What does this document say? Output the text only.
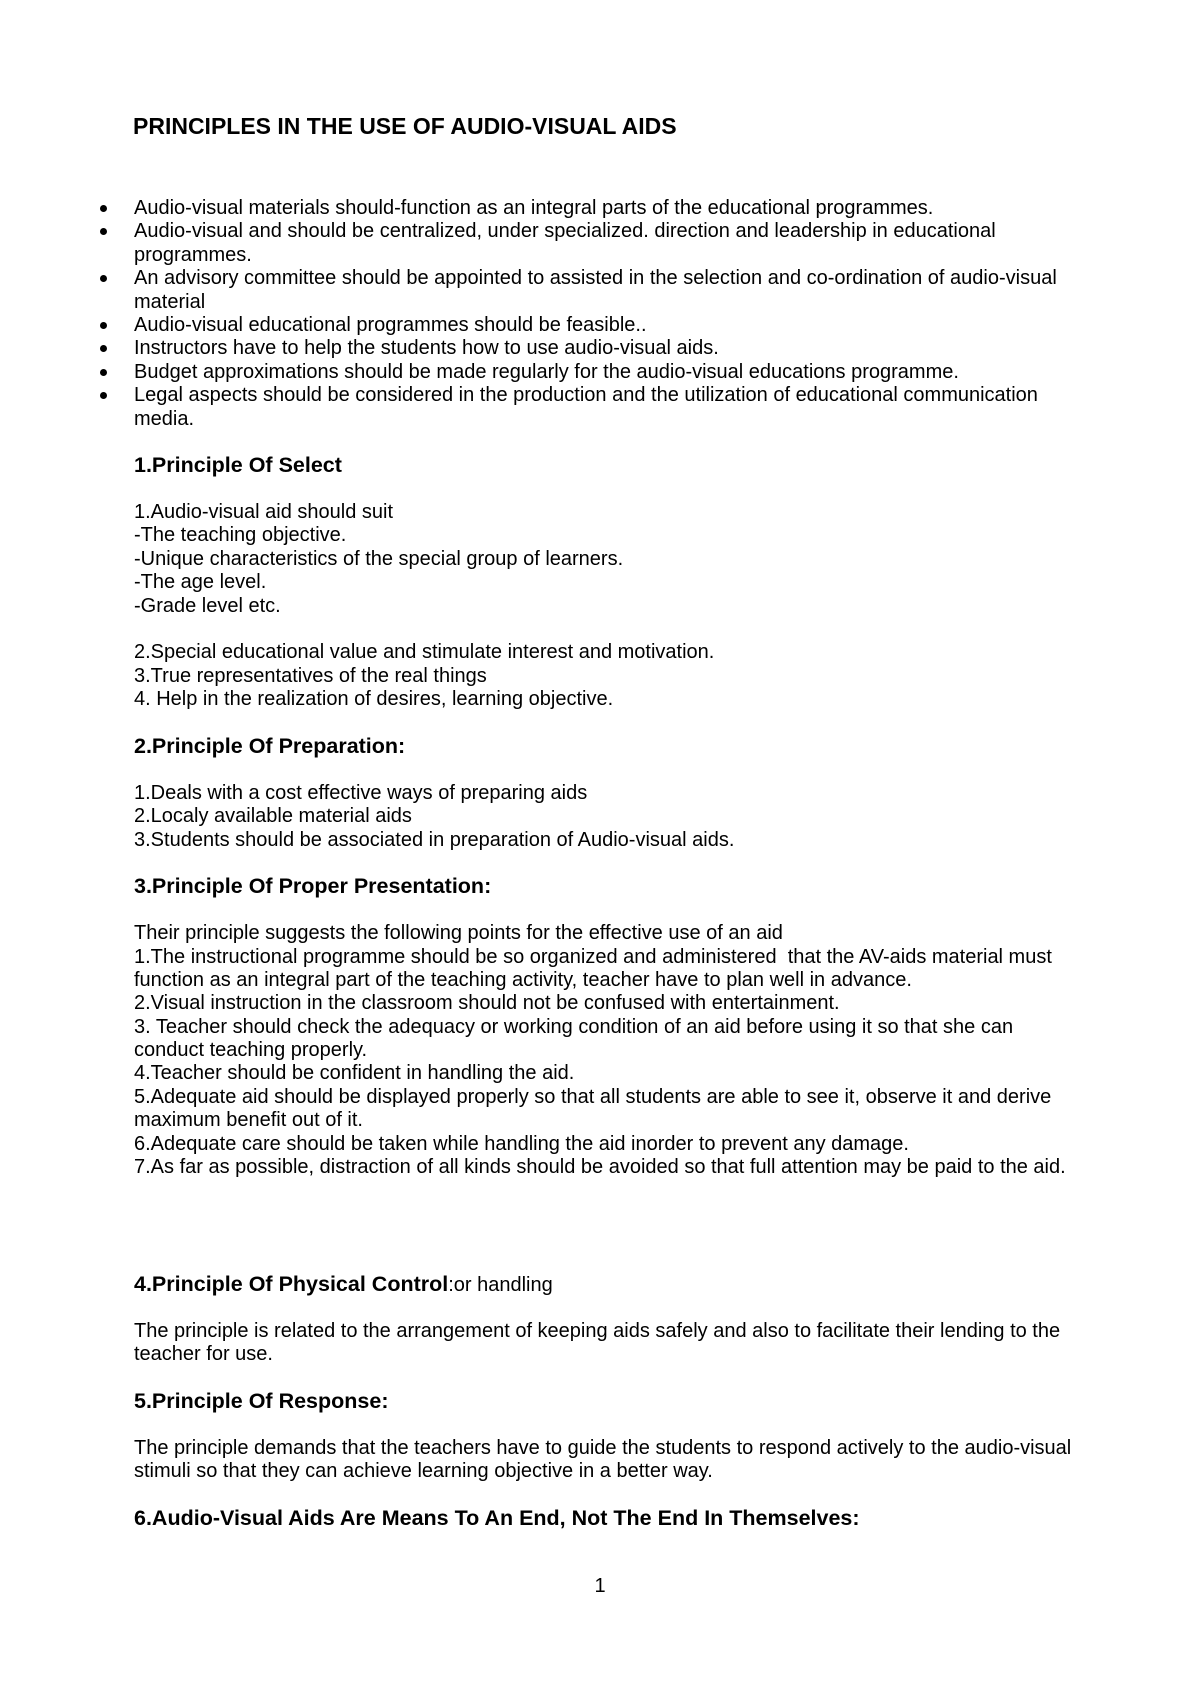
PRINCIPLES IN THE USE OF AUDIO-VISUAL AIDS
Audio-visual materials should-function as an integral parts of the educational programmes.
Audio-visual and should be centralized, under specialized. direction and leadership in educational
programmes.
An advisory committee should be appointed to assisted in the selection and co-ordination of audio-visual
material
Audio-visual educational programmes should be feasible..
Instructors have to help the students how to use audio-visual aids.
Budget approximations should be made regularly for the audio-visual educations programme.
Legal aspects should be considered in the production and the utilization of educational communication
media.
1.Principle Of Select
1.Audio-visual aid should suit
-The teaching objective.
-Unique characteristics of the special group of learners.
-The age level.
-Grade level etc.
2.Special educational value and stimulate interest and motivation.
3.True representatives of the real things
4. Help in the realization of desires, learning objective.
2.Principle Of Preparation:
1.Deals with a cost effective ways of preparing aids
2.Localy available material aids
3.Students should be associated in preparation of Audio-visual aids.
3.Principle Of Proper Presentation:
Their principle suggests the following points for the effective use of an aid
1.The instructional programme should be so organized and administered  that the AV-aids material must
function as an integral part of the teaching activity, teacher have to plan well in advance.
2.Visual instruction in the classroom should not be confused with entertainment.
3. Teacher should check the adequacy or working condition of an aid before using it so that she can
conduct teaching properly.
4.Teacher should be confident in handling the aid.
5.Adequate aid should be displayed properly so that all students are able to see it, observe it and derive
maximum benefit out of it.
6.Adequate care should be taken while handling the aid inorder to prevent any damage.
7.As far as possible, distraction of all kinds should be avoided so that full attention may be paid to the aid.
4.Principle Of Physical Control:or handling
The principle is related to the arrangement of keeping aids safely and also to facilitate their lending to the
teacher for use.
5.Principle Of Response:
The principle demands that the teachers have to guide the students to respond actively to the audio-visual
stimuli so that they can achieve learning objective in a better way.
6.Audio-Visual Aids Are Means To An End, Not The End In Themselves:
1
